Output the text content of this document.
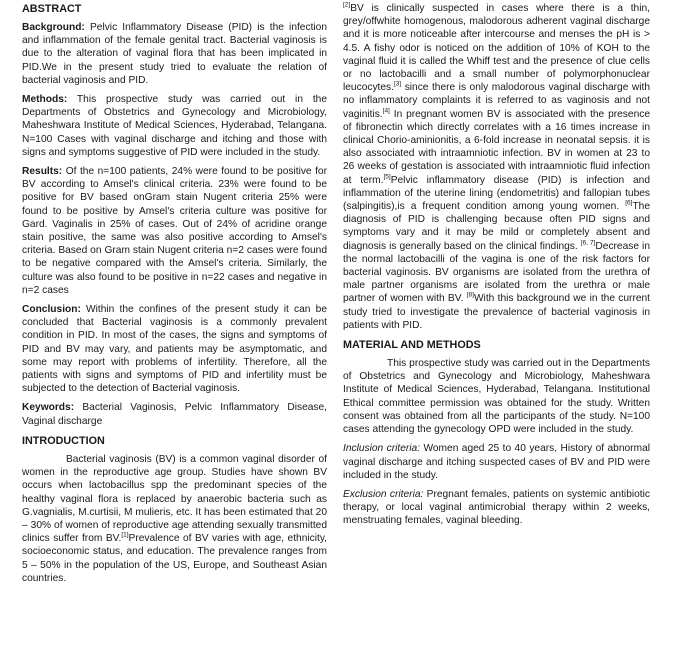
ABSTRACT

Background: Pelvic Inflammatory Disease (PID) is the infection and inflammation of the female genital tract. Bacterial vaginosis is due to the alteration of vaginal flora that has been implicated in PID.We in the present study tried to evaluate the relation of bacterial vaginosis and PID.

Methods: This prospective study was carried out in the Departments of Obstetrics and Gynecology and Microbiology, Maheshwara Institute of Medical Sciences, Hyderabad, Telangana. N=100 Cases with vaginal discharge and itching and those with signs and symptoms suggestive of PID were included in the study.

Results: Of the n=100 patients, 24% were found to be positive for BV according to Amsel's clinical criteria. 23% were found to be positive for BV based onGram stain Nugent criteria 25% were found to be positive by Amsel's criteria culture was positive for Gard. Vaginalis in 25% of cases. Out of 24% of acridine orange stain positive, the same was also positive according to Amsel's criteria. Based on Gram stain Nugent criteria n=2 cases were found to be negative compared with the Amsel's criteria. Similarly, the culture was also found to be positive in n=22 cases and negative in n=2 cases

Conclusion: Within the confines of the present study it can be concluded that Bacterial vaginosis is a commonly prevalent condition in PID. In most of the cases, the signs and symptoms of PID and BV may vary, and patients may be asymptomatic, and some may report with problems of infertility. Therefore, all the patients with signs and symptoms of PID and infertility must be subjected to the detection of Bacterial vaginosis.

Keywords: Bacterial Vaginosis, Pelvic Inflammatory Disease, Vaginal discharge

INTRODUCTION

Bacterial vaginosis (BV) is a common vaginal disorder of women in the reproductive age group. Studies have shown BV occurs when lactobacillus spp the predominant species of the healthy vaginal flora is replaced by anaerobic bacteria such as G.vagnialis, M.curtisii, M mulieris, etc. It has been estimated that 20 – 30% of women of reproductive age attending sexually transmitted clinics suffer from BV.[1]Prevalence of BV varies with age, ethnicity, socioeconomic status, and education. The prevalence ranges from 5 – 50% in the population of the US, Europe, and Southeast Asian countries.

[2]BV is clinically suspected in cases where there is a thin, grey/offwhite homogenous, malodorous adherent vaginal discharge and it is more noticeable after intercourse and menses the pH is > 4.5. A fishy odor is noticed on the addition of 10% of KOH to the vaginal fluid it is called the Whiff test and the presence of clue cells or no lactobacilli and a small number of polymorphonuclear leucocytes.[3] since there is only malodorous vaginal discharge with no inflammatory complaints it is referred to as vaginosis and not vaginitis.[4] In pregnant women BV is associated with the presence of fibronectin which directly correlates with a 16 times increase in clinical Chorio-aminionitis, a 6-fold increase in neonatal sepsis. it is also associated with intraamniotic infection. BV in women at 23 to 26 weeks of gestation is associated with intraamniotic fluid infection at term.[5]Pelvic inflammatory disease (PID) is infection and inflammation of the uterine lining (endometritis) and fallopian tubes (salpingitis),is a frequent condition among young women. [6]The diagnosis of PID is challenging because often PID signs and symptoms vary and it may be mild or completely absent and diagnosis is generally based on the clinical findings. [6, 7]Decrease in the normal lactobacilli of the vagina is one of the risk factors for bacterial vaginosis. BV organisms are isolated from the urethra of male partner organisms are isolated from the urethra or male partner of women with BV. [8]With this background we in the current study tried to investigate the prevalence of bacterial vaginosis in patients with PID.

MATERIAL AND METHODS

This prospective study was carried out in the Departments of Obstetrics and Gynecology and Microbiology, Maheshwara Institute of Medical Sciences, Hyderabad, Telangana. Institutional Ethical committee permission was obtained for the study. Written consent was obtained from all the participants of the study. N=100 cases attending the gynecology OPD were included in the study.

Inclusion criteria: Women aged 25 to 40 years, History of abnormal vaginal discharge and itching suspected cases of BV and PID were included in the study.

Exclusion criteria: Pregnant females, patients on systemic antibiotic therapy, or local vaginal antimicrobial therapy within 2 weeks, menstruating females, vaginal bleeding.
